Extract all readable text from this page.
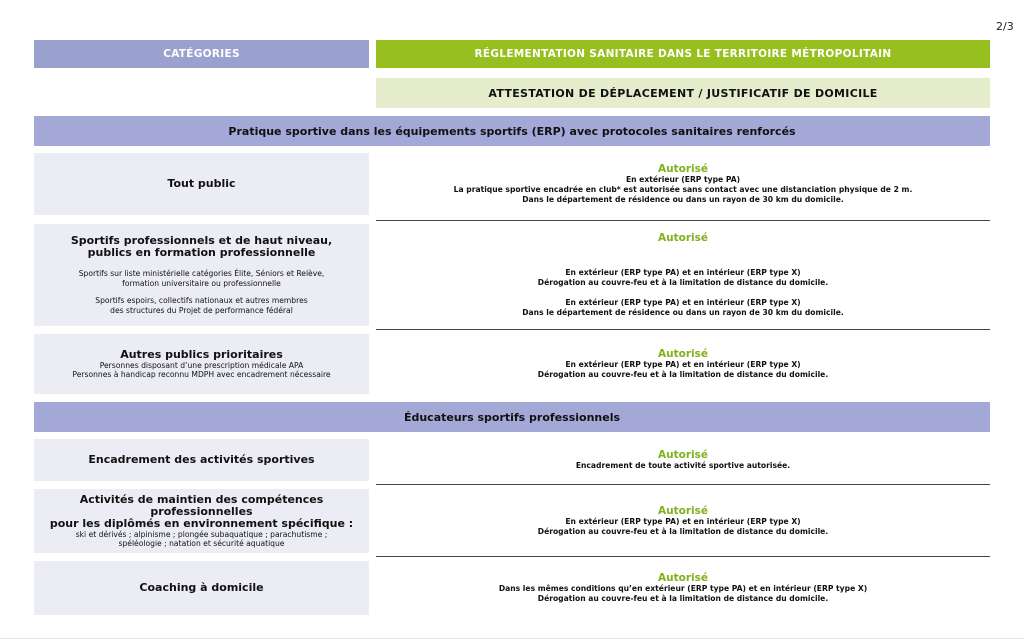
2/3
CATÉGORIES	RÉGLEMENTATION SANITAIRE DANS LE TERRITOIRE MÉTROPOLITAIN
ATTESTATION DE DÉPLACEMENT / JUSTIFICATIF DE DOMICILE
Pratique sportive dans les équipements sportifs (ERP) avec protocoles sanitaires renforcés
Tout public
Autorisé
En extérieur (ERP type PA)
La pratique sportive encadrée en club* est autorisée sans contact avec une distanciation physique de 2 m.
Dans le département de résidence ou dans un rayon de 30 km du domicile.
Sportifs professionnels et de haut niveau,
publics en formation professionnelle
Sportifs sur liste ministérielle catégories Élite, Séniors et Relève,
formation universitaire ou professionnelle
Sportifs espoirs, collectifs nationaux et autres membres
des structures du Projet de performance fédéral
Autorisé
En extérieur (ERP type PA) et en intérieur (ERP type X)
Dérogation au couvre-feu et à la limitation de distance du domicile.
En extérieur (ERP type PA) et en intérieur (ERP type X)
Dans le département de résidence ou dans un rayon de 30 km du domicile.
Autres publics prioritaires
Personnes disposant d’une prescription médicale APA
Personnes à handicap reconnu MDPH avec encadrement nécessaire
Autorisé
En extérieur (ERP type PA) et en intérieur (ERP type X)
Dérogation au couvre-feu et à la limitation de distance du domicile.
Éducateurs sportifs professionnels
Encadrement des activités sportives	Autorisé
Encadrement de toute activité sportive autorisée.
Activités de maintien des compétences professionnelles
pour les diplômés en environnement spécifique :
ski et dérivés ; alpinisme ; plongée subaquatique ; parachutisme ;
spéléologie ; natation et sécurité aquatique
Autorisé
En extérieur (ERP type PA) et en intérieur (ERP type X)
Dérogation au couvre-feu et à la limitation de distance du domicile.
Coaching à domicile
Autorisé
Dans les mêmes conditions qu’en extérieur (ERP type PA) et en intérieur (ERP type X)
Dérogation au couvre-feu et à la limitation de distance du domicile.
